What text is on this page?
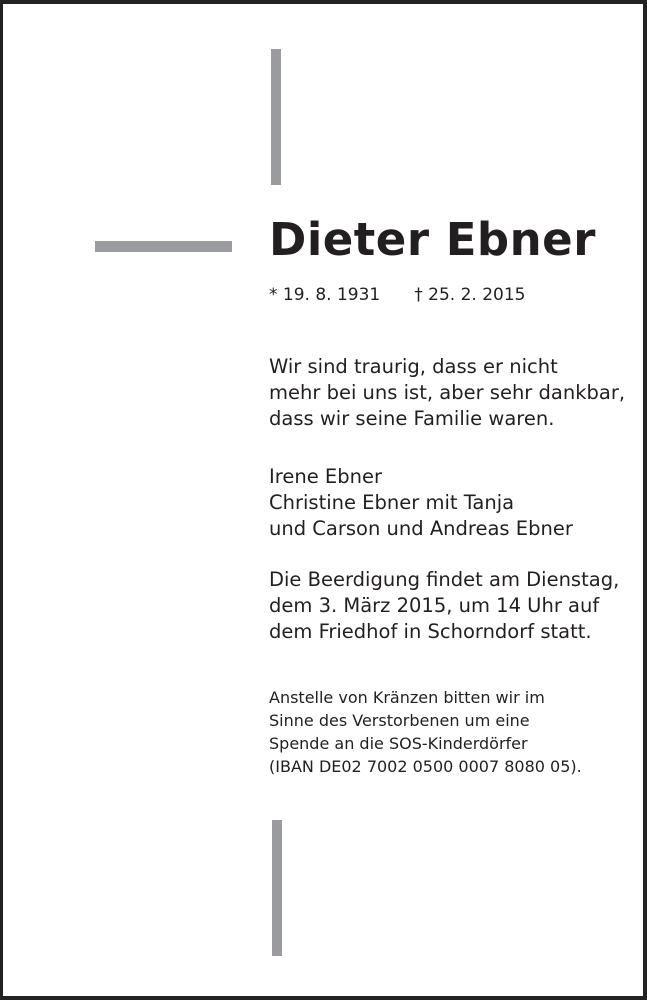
Dieter Ebner
* 19. 8. 1931 † 25. 2. 2015
Wir sind traurig, dass er nicht
mehr bei uns ist, aber sehr dankbar,
dass wir seine Familie waren.
Irene Ebner
Christine Ebner mit Tanja
und Carson und Andreas Ebner
Die Beerdigung findet am Dienstag,
dem 3. März 2015, um 14 Uhr auf
dem Friedhof in Schorndorf statt.
Anstelle von Kränzen bitten wir im
Sinne des Verstorbenen um eine
Spende an die SOS-Kinderdörfer
(IBAN DE02 7002 0500 0007 8080 05).
